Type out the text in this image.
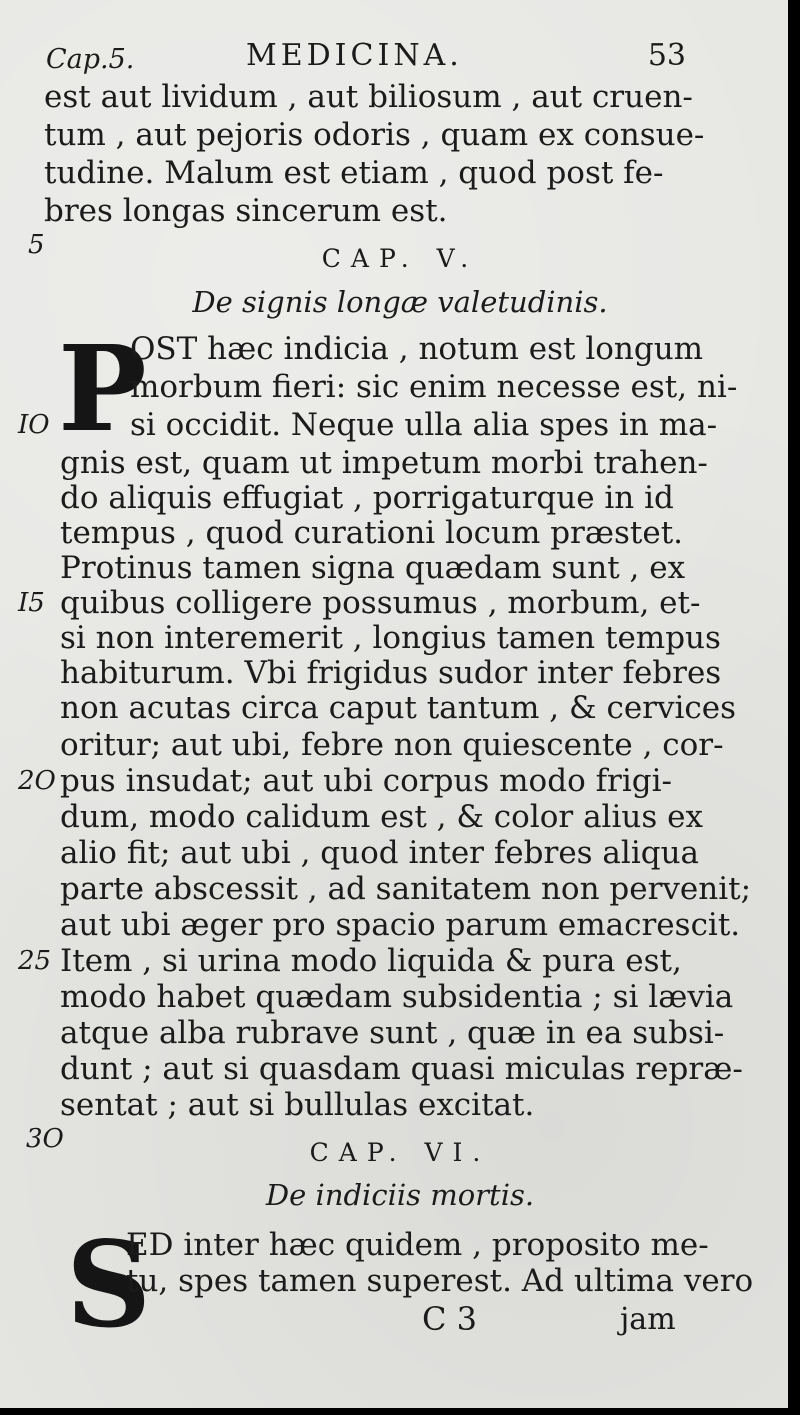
Cap.5.	MEDICINA.	53
est aut lividum , aut biliosum , aut cruen-
tum , aut pejoris odoris , quam ex consue-
tudine. Malum est etiam , quod post fe-
bres longas sincerum est.
5	CAP. V.
De signis longæ valetudinis.
P
OST hæc indicia , notum est longum
morbum fieri: sic enim necesse est, ni-
si occidit. Neque ulla alia spes in ma-
IO
gnis est, quam ut impetum morbi trahen-
do aliquis effugiat , porrigaturque in id
tempus , quod curationi locum præstet.
Protinus tamen signa quædam sunt , ex
I5 quibus colligere possumus , morbum, et-
si non interemerit , longius tamen tempus
habiturum. Vbi frigidus sudor inter febres
non acutas circa caput tantum , & cervices
oritur; aut ubi, febre non quiescente , cor-
2O pus insudat; aut ubi corpus modo frigi-
dum, modo calidum est , & color alius ex
alio fit; aut ubi , quod inter febres aliqua
parte abscessit , ad sanitatem non pervenit;
aut ubi æger pro spacio parum emacrescit.
25 Item , si urina modo liquida & pura est,
modo habet quædam subsidentia ; si lævia
atque alba rubrave sunt , quæ in ea subsi-
dunt ; aut si quasdam quasi miculas repræ-
sentat ; aut si bullulas excitat.
3O	CAP. VI.
De indiciis mortis.
S
ED inter hæc quidem , proposito me-
tu, spes tamen superest. Ad ultima vero
C 3	jam
